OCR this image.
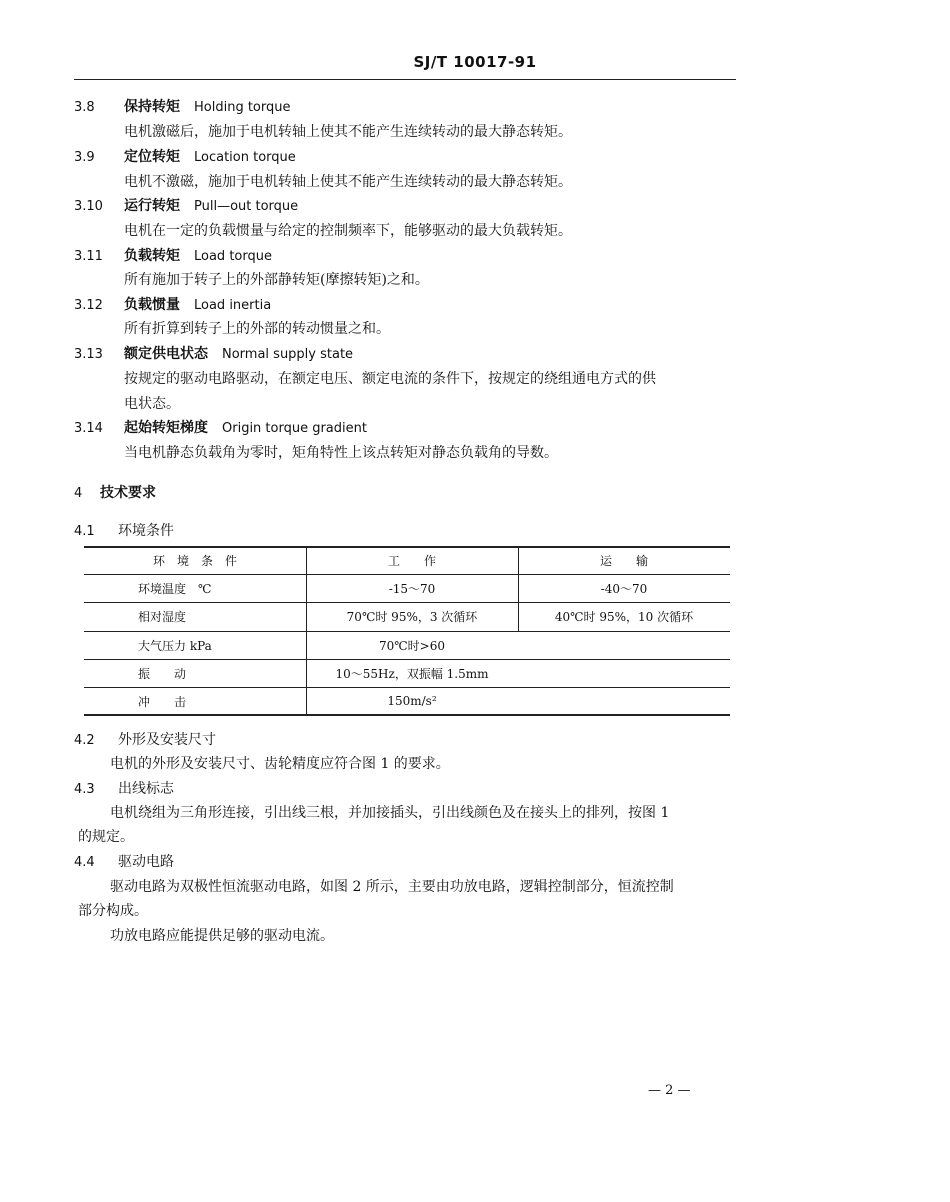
SJ/T 10017-91
3.8 保持转矩 Holding torque
电机激磁后，施加于电机转轴上使其不能产生连续转动的最大静态转矩。
3.9 定位转矩 Location torque
电机不激磁，施加于电机转轴上使其不能产生连续转动的最大静态转矩。
3.10 运行转矩 Pull—out torque
电机在一定的负载惯量与给定的控制频率下，能够驱动的最大负载转矩。
3.11 负载转矩 Load torque
所有施加于转子上的外部静转矩(摩擦转矩)之和。
3.12 负载惯量 Load inertia
所有折算到转子上的外部的转动惯量之和。
3.13 额定供电状态 Normal supply state
按规定的驱动电路驱动，在额定电压、额定电流的条件下，按规定的绕组通电方式的供
电状态。
3.14 起始转矩梯度 Origin torque gradient
当电机静态负载角为零时，矩角特性上该点转矩对静态负载角的导数。
4 技术要求
4.1 环境条件
环　境　条　件	工　　作	运　　输
环境温度　℃	-15～70	-40～70
相对湿度	70℃时 95%，3 次循环	40℃时 95%，10 次循环
大气压力 kPa	70℃时>60
振　　动	10～55Hz，双振幅 1.5mm
冲　　击	150m/s²
4.2 外形及安装尺寸
电机的外形及安装尺寸、齿轮精度应符合图 1 的要求。
4.3 出线标志
电机绕组为三角形连接，引出线三根，并加接插头，引出线颜色及在接头上的排列，按图 1
的规定。
4.4 驱动电路
驱动电路为双极性恒流驱动电路，如图 2 所示，主要由功放电路，逻辑控制部分，恒流控制
部分构成。
功放电路应能提供足够的驱动电流。
— 2 —
